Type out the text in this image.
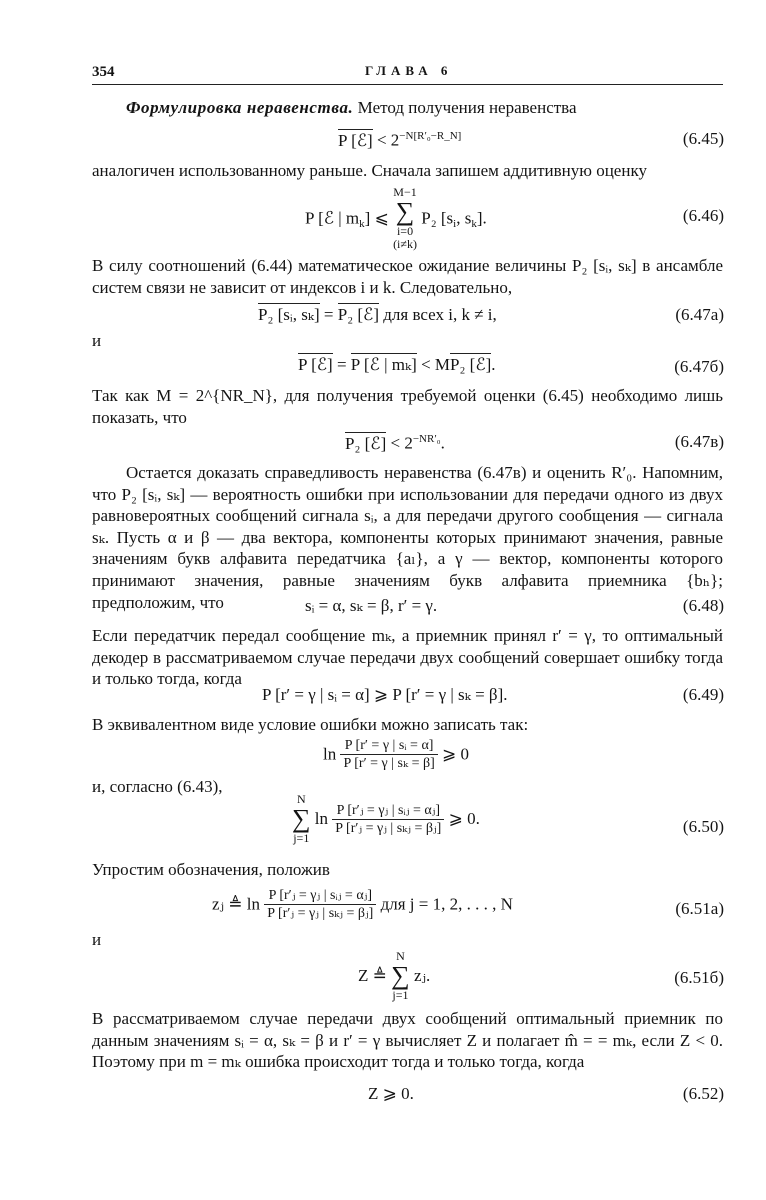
354	ГЛАВА 6
Формулировка неравенства. Метод получения неравенства
P [ℰ] < $2^{-N[R'_0-R\_N]}$	(6.45)
аналогичен использованному раньше. Сначала запишем аддитивную оценку
P [ℰ | $m_k$] ⩽ M−1
∑
i=0
(i≠k)
P₂ [$s_i$, $s_k$].	(6.46)
В силу соотношений (6.44) математическое ожидание величины P₂ [sᵢ, sₖ] в ансамбле систем связи не зависит от индексов i и k. Следовательно,
P₂ [sᵢ, sₖ] = P₂ [ℰ] для всех i, k ≠ i,	(6.47а)
и
P [ℰ] = P [ℰ | mₖ] < MP₂ [ℰ].	(6.47б)
Так как M = 2^{NR_N}, для получения требуемой оценки (6.45) необходимо лишь показать, что
P₂ [ℰ] < $2^{-NR'_0}$.	(6.47в)
Остается доказать справедливость неравенства (6.47в) и оценить R′₀. Напомним, что P₂ [sᵢ, sₖ] — вероятность ошибки при использовании для передачи одного из двух равновероятных сообщений сигнала sᵢ, а для передачи другого сообщения — сигнала sₖ. Пусть α и β — два вектора, компоненты которых принимают значения, равные значениям букв алфавита передатчика {aₗ}, а γ — вектор, компоненты которого принимают значения, равные значениям букв алфавита приемника {bₕ}; предположим, что	sᵢ = α, sₖ = β, r′ = γ.	(6.48)
Если передатчик передал сообщение mₖ, а приемник принял r′ = γ, то оптимальный декодер в рассматриваемом случае передачи двух сообщений совершает ошибку тогда и только тогда, когда
P [r′ = γ | sᵢ = α] ⩾ P [r′ = γ | sₖ = β].	(6.49)
В эквивалентном виде условие ошибки можно записать так:
$\ln \frac{\text{P [r′ = γ | sᵢ = α]}}{\text{P [r′ = γ | sₖ = β]}}$ ⩾ 0
и, согласно (6.43),
N
∑
j=1
$\ln \frac{\text{P [r′ⱼ = γⱼ | sᵢⱼ = αⱼ]}}{\text{P [r′ⱼ = γⱼ | sₖⱼ = βⱼ]}}$ ⩾ 0.	(6.50)
Упростим обозначения, положив
zⱼ ≜ $\ln \frac{\text{P [r′ⱼ = γⱼ | sᵢⱼ = αⱼ]}}{\text{P [r′ⱼ = γⱼ | sₖⱼ = βⱼ]}}$ для j = 1, 2, . . . , N	(6.51а)
и
Z ≜ N
∑
j=1
zⱼ.	(6.51б)
В рассматриваемом случае передачи двух сообщений оптимальный приемник по данным значениям sᵢ = α, sₖ = β и r′ = γ вычисляет Z и полагает m̂ = = mₖ, если Z < 0. Поэтому при m = mₖ ошибка происходит тогда и только тогда, когда
Z ⩾ 0.	(6.52)
